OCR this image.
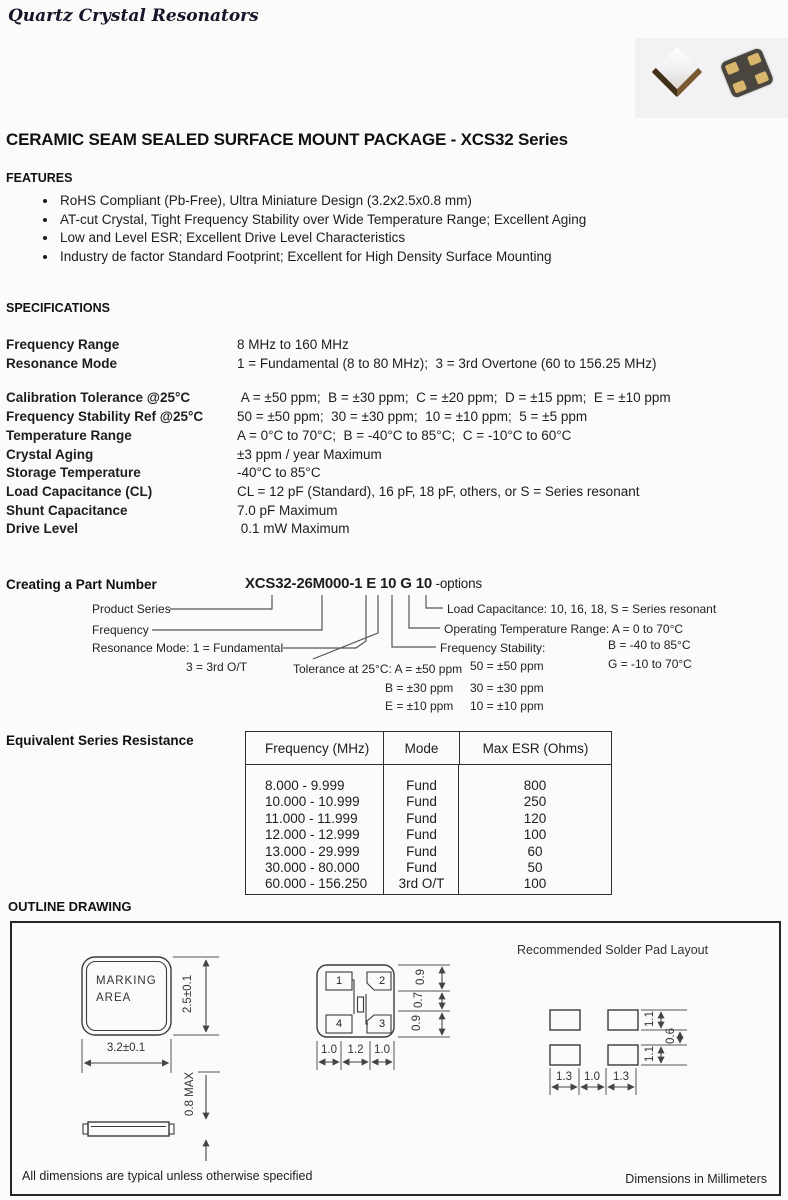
Quartz Crystal Resonators
CERAMIC SEAM SEALED SURFACE MOUNT PACKAGE - XCS32 Series
FEATURES
• RoHS Compliant (Pb-Free), Ultra Miniature Design (3.2x2.5x0.8 mm)
• AT-cut Crystal, Tight Frequency Stability over Wide Temperature Range; Excellent Aging
• Low and Level ESR; Excellent Drive Level Characteristics
• Industry de factor Standard Footprint; Excellent for High Density Surface Mounting
SPECIFICATIONS
Frequency Range	8 MHz to 160 MHz
Resonance Mode	1 = Fundamental (8 to 80 MHz);  3 = 3rd Overtone (60 to 156.25 MHz)
Calibration Tolerance @25°C	A = ±50 ppm;  B = ±30 ppm;  C = ±20 ppm;  D = ±15 ppm;  E = ±10 ppm
Frequency Stability Ref @25°C	50 = ±50 ppm;  30 = ±30 ppm;  10 = ±10 ppm;  5 = ±5 ppm
Temperature Range	A = 0°C to 70°C;  B = -40°C to 85°C;  C = -10°C to 60°C
Crystal Aging	±3 ppm / year Maximum
Storage Temperature	-40°C to 85°C
Load Capacitance (CL)	CL = 12 pF (Standard), 16 pF, 18 pF, others, or S = Series resonant
Shunt Capacitance	7.0 pF Maximum
Drive Level	0.1 mW Maximum
Creating a Part Number	XCS32-26M000-1 E 10 G 10 -options
Product Series
Frequency
Resonance Mode: 1 = Fundamental
3 = 3rd O/T	Tolerance at 25°C: A = ±50 ppm
B = ±30 ppm
E = ±10 ppm
Frequency Stability:
50 = ±50 ppm
30 = ±30 ppm
10 = ±10 ppm
Operating Temperature Range: A = 0 to 70°C
B = -40 to 85°C
G = -10 to 70°C
Load Capacitance: 10, 16, 18, S = Series resonant
Equivalent Series Resistance	Frequency (MHz)	Mode	Max ESR (Ohms)
8.000 - 9.999	Fund	800
10.000 - 10.999	Fund	250
11.000 - 11.999	Fund	120
12.000 - 12.999	Fund	100
13.000 - 29.999	Fund	60
30.000 - 80.000	Fund	50
60.000 - 156.250	3rd O/T	100
OUTLINE DRAWING
MARKING
AREA	2.5±0.1
3.2±0.1
0.8 MAX
1	2
4	3
1.0 1.2 1.0
0.9
0.7
0.9
Recommended Solder Pad Layout
1.1
1.1
0.6
1.3	1.0	1.3
All dimensions are typical unless otherwise specified	Dimensions in Millimeters
